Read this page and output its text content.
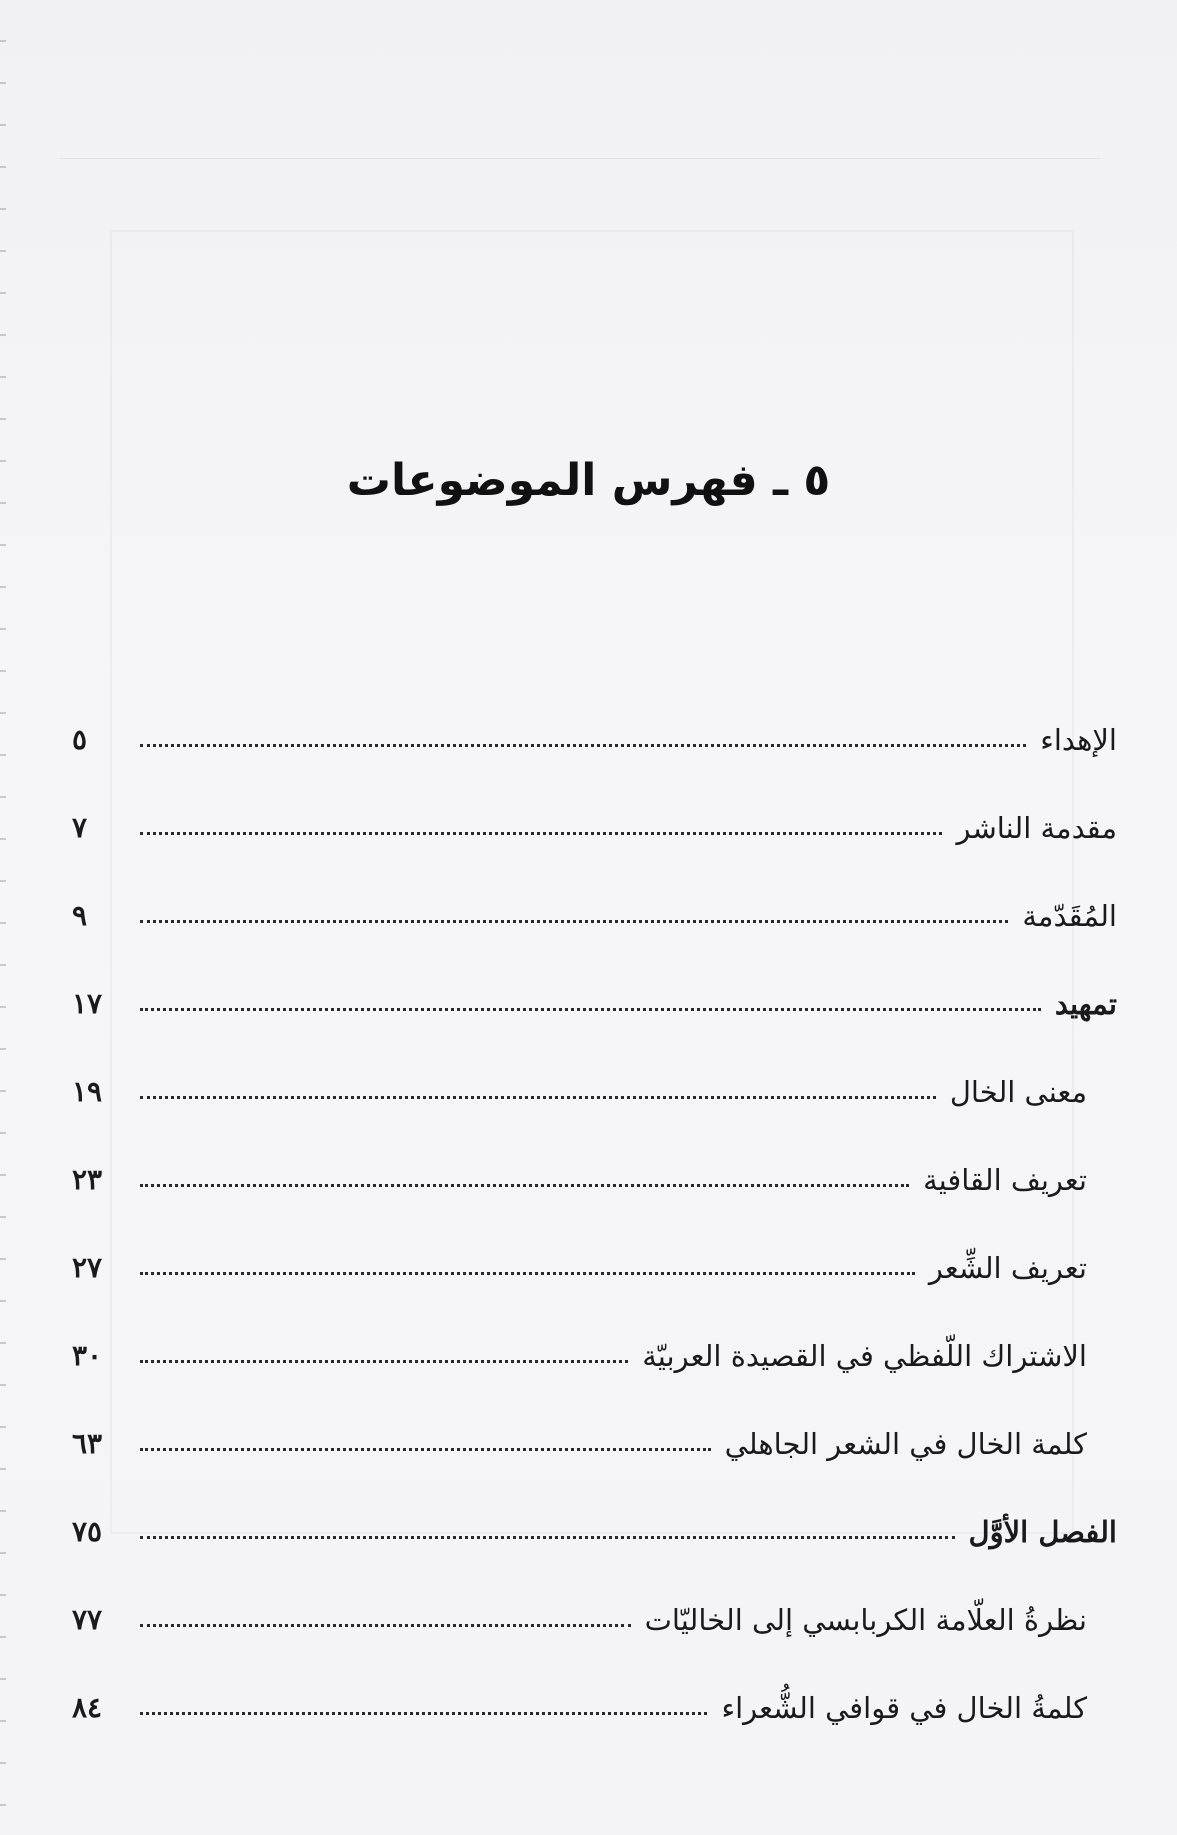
٥ ـ فهرس الموضوعات
الإهداء
٥
مقدمة الناشر
٧
المُقَدّمة
٩
تمهيد
١٧
معنى الخال
١٩
تعريف القافية
٢٣
تعريف الشِّعر
٢٧
الاشتراك اللّفظي في القصيدة العربيّة
٣٠
كلمة الخال في الشعر الجاهلي
٦٣
الفصل الأوَّل
٧٥
نظرةُ العلّامة الكربابسي إلى الخاليّات
٧٧
كلمةُ الخال في قوافي الشُّعراء
٨٤
